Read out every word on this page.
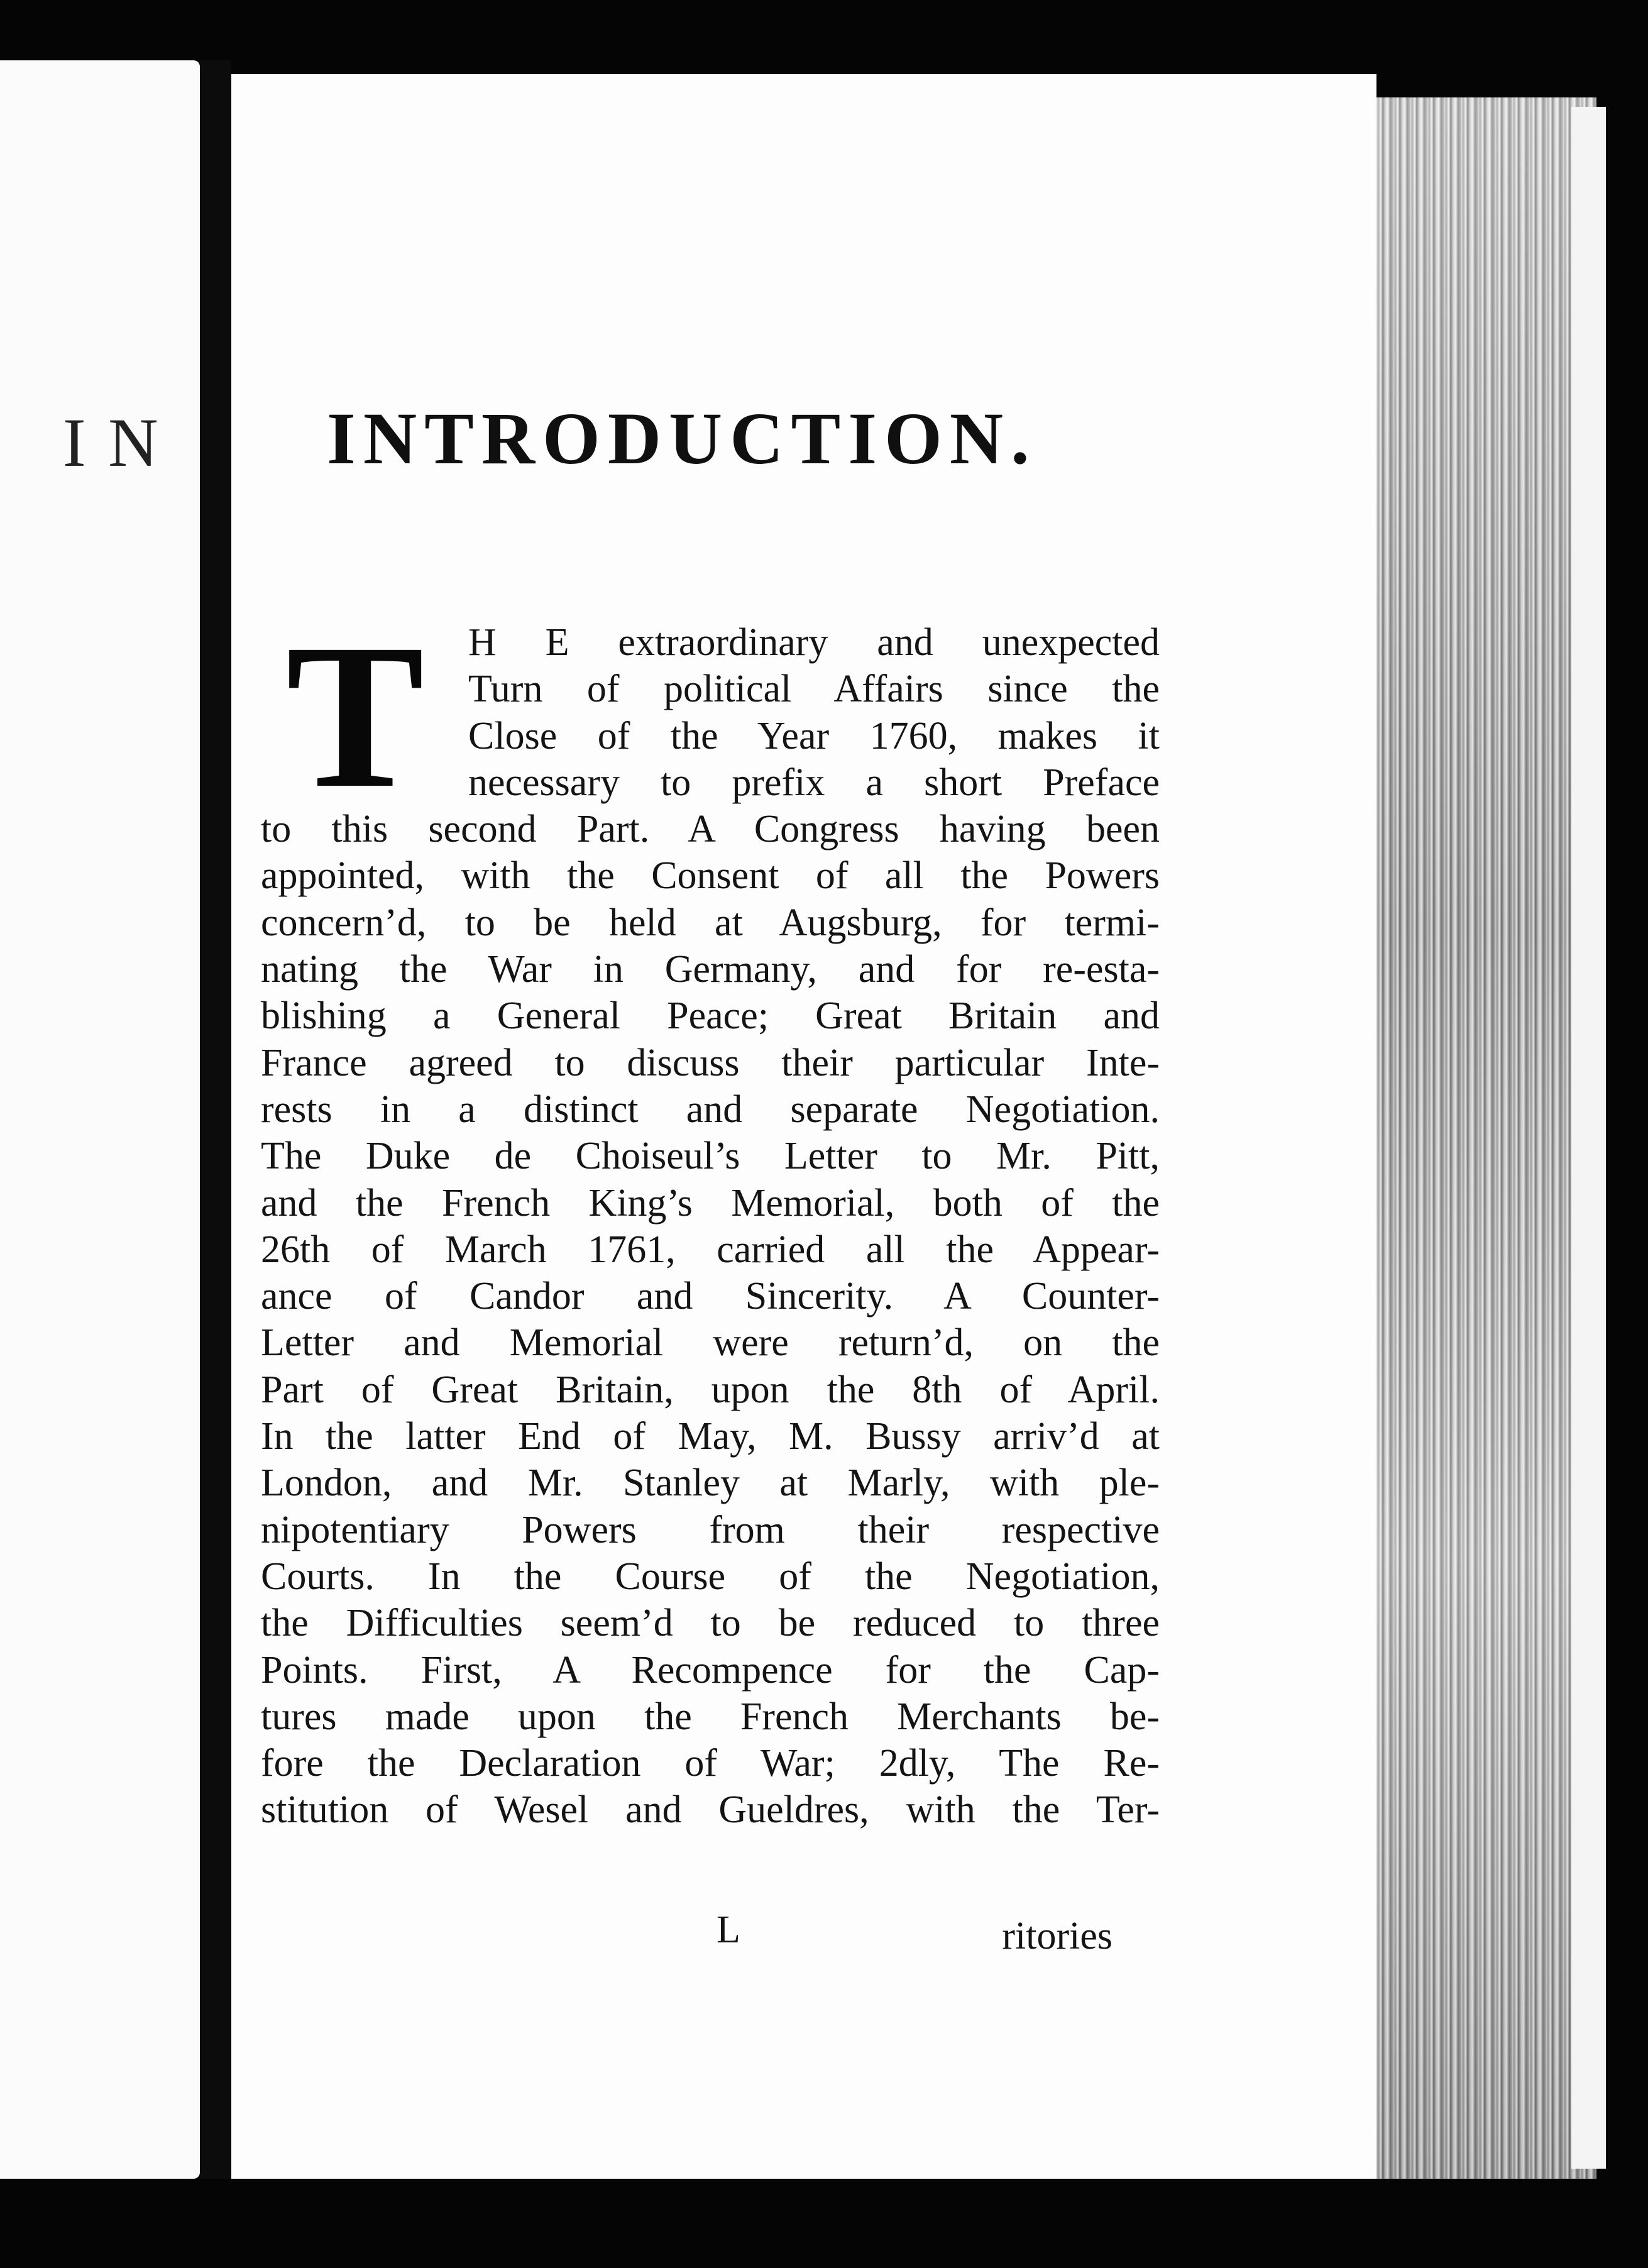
I N INTRODUCTION.
T	H E extraordinary and unexpected
Turn of political Affairs since the
Close of the Year 1760, makes it
necessary to prefix a short Preface
to this second Part. A Congress having been
appointed, with the Consent of all the Powers
concern’d, to be held at Augsburg, for termi-
nating the War in Germany, and for re-esta-
blishing a General Peace; Great Britain and
France agreed to discuss their particular Inte-
rests in a distinct and separate Negotiation.
The Duke de Choiseul’s Letter to Mr. Pitt,
and the French King’s Memorial, both of the
26th of March 1761, carried all the Appear-
ance of Candor and Sincerity. A Counter-
Letter and Memorial were return’d, on the
Part of Great Britain, upon the 8th of April.
In the latter End of May, M. Bussy arriv’d at
London, and Mr. Stanley at Marly, with ple-
nipotentiary Powers from their respective
Courts. In the Course of the Negotiation,
the Difficulties seem’d to be reduced to three
Points. First, A Recompence for the Cap-
tures made upon the French Merchants be-
fore the Declaration of War; 2dly, The Re-
stitution of Wesel and Gueldres, with the Ter-
L	ritories
